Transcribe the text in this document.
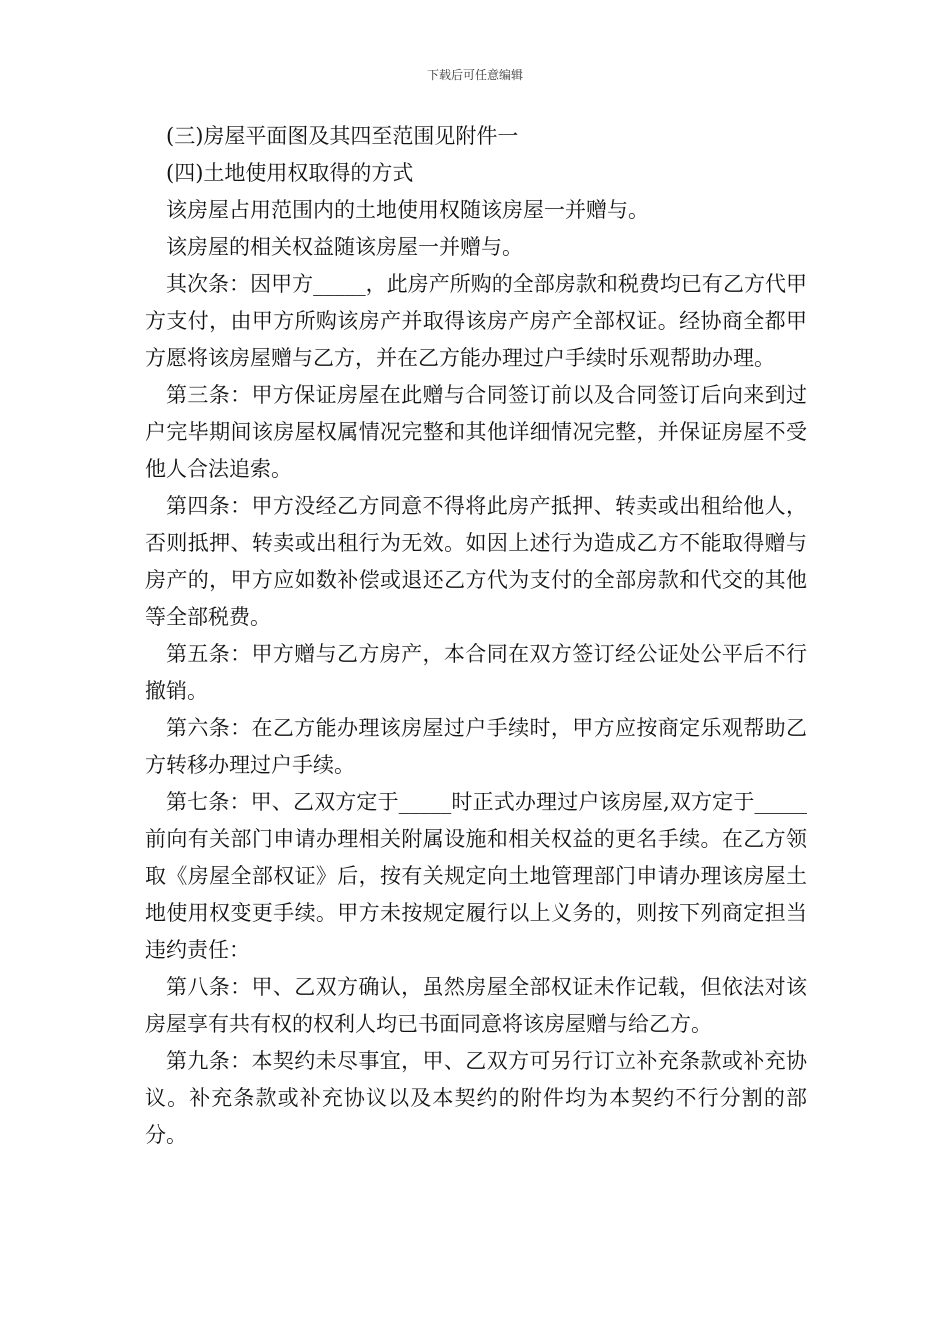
下载后可任意编辑

(三)房屋平面图及其四至范围见附件一

(四)土地使用权取得的方式

该房屋占用范围内的土地使用权随该房屋一并赠与。

该房屋的相关权益随该房屋一并赠与。

其次条：因甲方_____，此房产所购的全部房款和税费均已有乙方代甲方支付，由甲方所购该房产并取得该房产房产全部权证。经协商全都甲方愿将该房屋赠与乙方，并在乙方能办理过户手续时乐观帮助办理。

第三条：甲方保证房屋在此赠与合同签订前以及合同签订后向来到过户完毕期间该房屋权属情况完整和其他详细情况完整，并保证房屋不受他人合法追索。

第四条：甲方没经乙方同意不得将此房产抵押、转卖或出租给他人，否则抵押、转卖或出租行为无效。如因上述行为造成乙方不能取得赠与房产的，甲方应如数补偿或退还乙方代为支付的全部房款和代交的其他等全部税费。

第五条：甲方赠与乙方房产，本合同在双方签订经公证处公平后不行撤销。

第六条：在乙方能办理该房屋过户手续时，甲方应按商定乐观帮助乙方转移办理过户手续。

第七条：甲、乙双方定于_____时正式办理过户该房屋,双方定于_____前向有关部门申请办理相关附属设施和相关权益的更名手续。在乙方领取《房屋全部权证》后，按有关规定向土地管理部门申请办理该房屋土地使用权变更手续。甲方未按规定履行以上义务的，则按下列商定担当违约责任：

第八条：甲、乙双方确认，虽然房屋全部权证未作记载，但依法对该房屋享有共有权的权利人均已书面同意将该房屋赠与给乙方。

第九条：本契约未尽事宜，甲、乙双方可另行订立补充条款或补充协议。补充条款或补充协议以及本契约的附件均为本契约不行分割的部分。
